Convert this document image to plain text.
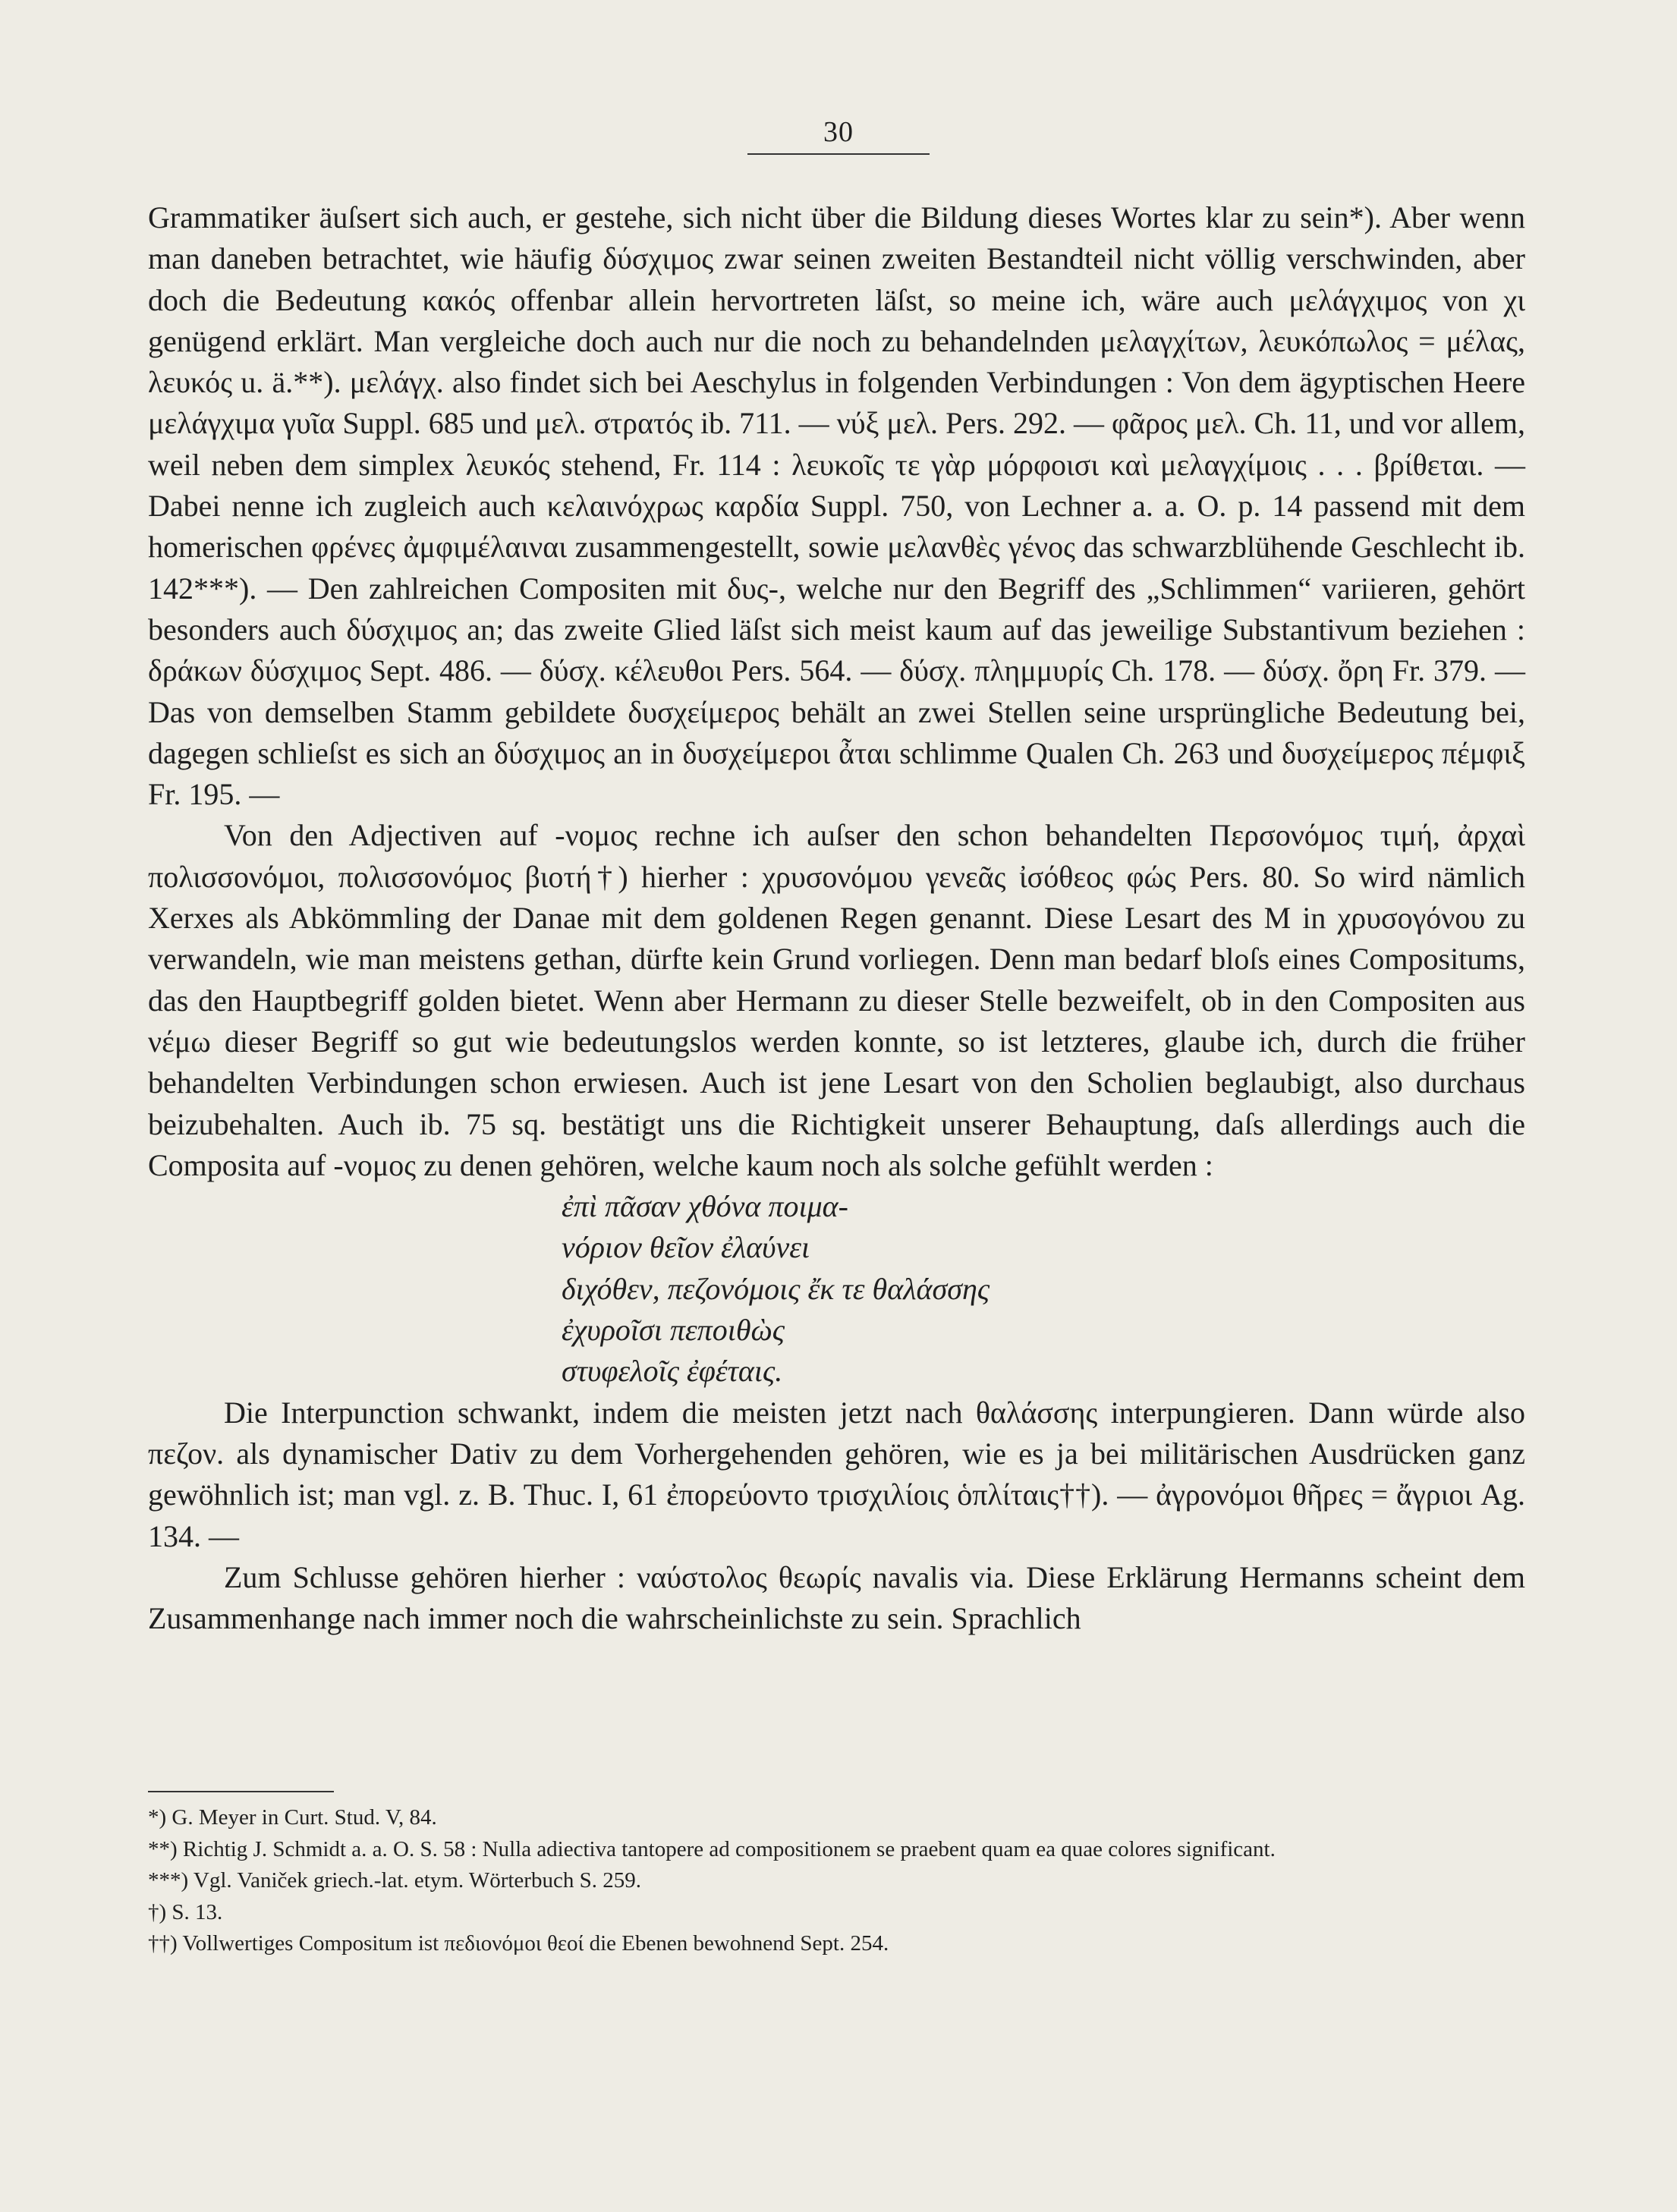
30

Grammatiker äuſsert sich auch, er gestehe, sich nicht über die Bildung dieses Wortes klar zu sein*). Aber wenn man daneben betrachtet, wie häufig δύσχιμος zwar seinen zweiten Bestandteil nicht völlig verschwinden, aber doch die Bedeutung κακός offenbar allein hervortreten läſst, so meine ich, wäre auch μελάγχιμος von χι genügend erklärt. Man vergleiche doch auch nur die noch zu behandelnden μελαγχίτων, λευκόπωλος = μέλας, λευκός u. ä.**). μελάγχ. also findet sich bei Aeschylus in folgenden Verbindungen : Von dem ägyptischen Heere μελάγχιμα γυῖα Suppl. 685 und μελ. στρατός ib. 711. — νύξ μελ. Pers. 292. — φᾶρος μελ. Ch. 11, und vor allem, weil neben dem simplex λευκός stehend, Fr. 114 : λευκοῖς τε γὰρ μόρφοισι καὶ μελαγχίμοις . . . βρίθεται. — Dabei nenne ich zugleich auch κελαινόχρως καρδία Suppl. 750, von Lechner a. a. O. p. 14 passend mit dem homerischen φρένες ἀμφιμέλαιναι zusammengestellt, sowie μελανθὲς γένος das schwarzblühende Geschlecht ib. 142***). — Den zahlreichen Compositen mit δυς-, welche nur den Begriff des „Schlimmen“ variieren, gehört besonders auch δύσχιμος an; das zweite Glied läſst sich meist kaum auf das jeweilige Substantivum beziehen : δράκων δύσχιμος Sept. 486. — δύσχ. κέλευθοι Pers. 564. — δύσχ. πλημμυρίς Ch. 178. — δύσχ. ὄρη Fr. 379. — Das von demselben Stamm gebildete δυσχείμερος behält an zwei Stellen seine ursprüngliche Bedeutung bei, dagegen schlieſst es sich an δύσχιμος an in δυσχείμεροι ἆται schlimme Qualen Ch. 263 und δυσχείμερος πέμφιξ Fr. 195. —

Von den Adjectiven auf -νομος rechne ich auſser den schon behandelten Περσονόμος τιμή, ἀρχαὶ πολισσονόμοι, πολισσονόμος βιοτή†) hierher : χρυσονόμου γενεᾶς ἰσόθεος φώς Pers. 80. So wird nämlich Xerxes als Abkömmling der Danae mit dem goldenen Regen genannt. Diese Lesart des M in χρυσογόνου zu verwandeln, wie man meistens gethan, dürfte kein Grund vorliegen. Denn man bedarf bloſs eines Compositums, das den Hauptbegriff golden bietet. Wenn aber Hermann zu dieser Stelle bezweifelt, ob in den Compositen aus νέμω dieser Begriff so gut wie bedeutungslos werden konnte, so ist letzteres, glaube ich, durch die früher behandelten Verbindungen schon erwiesen. Auch ist jene Lesart von den Scholien beglaubigt, also durchaus beizubehalten. Auch ib. 75 sq. bestätigt uns die Richtigkeit unserer Behauptung, daſs allerdings auch die Composita auf -νομος zu denen gehören, welche kaum noch als solche gefühlt werden :

ἐπὶ πᾶσαν χθόνα ποιμα-
νόριον θεῖον ἐλαύνει
διχόθεν, πεζονόμοις ἔκ τε θαλάσσης
ἐχυροῖσι πεποιθὼς
στυφελοῖς ἐφέταις.

Die Interpunction schwankt, indem die meisten jetzt nach θαλάσσης interpungieren. Dann würde also πεζον. als dynamischer Dativ zu dem Vorhergehenden gehören, wie es ja bei militärischen Ausdrücken ganz gewöhnlich ist; man vgl. z. B. Thuc. I, 61 ἐπορεύοντο τρισχιλίοις ὁπλίταις††). — ἀγρονόμοι θῆρες = ἄγριοι Ag. 134. —

Zum Schlusse gehören hierher : ναύστολος θεωρίς navalis via. Diese Erklärung Hermanns scheint dem Zusammenhange nach immer noch die wahrscheinlichste zu sein. Sprachlich

*) G. Meyer in Curt. Stud. V, 84.

**) Richtig J. Schmidt a. a. O. S. 58 : Nulla adiectiva tantopere ad compositionem se praebent quam ea quae colores significant.

***) Vgl. Vaniček griech.-lat. etym. Wörterbuch S. 259.

†) S. 13.

††) Vollwertiges Compositum ist πεδιονόμοι θεοί die Ebenen bewohnend Sept. 254.
